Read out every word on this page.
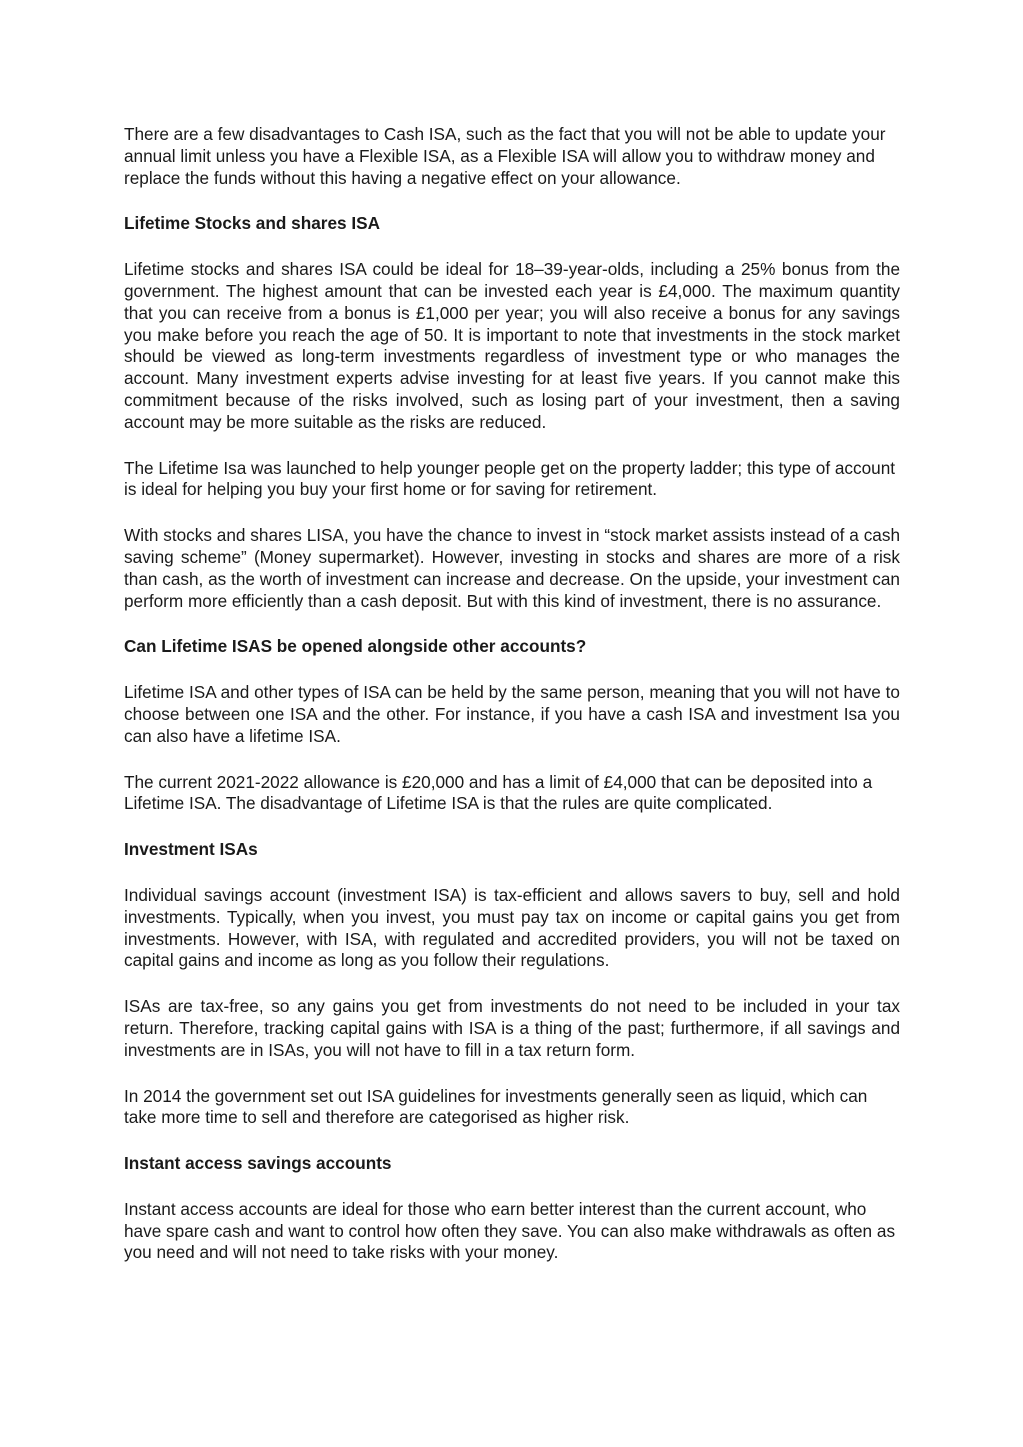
There are a few disadvantages to Cash ISA, such as the fact that you will not be able to update your annual limit unless you have a Flexible ISA, as a Flexible ISA will allow you to withdraw money and replace the funds without this having a negative effect on your allowance.

Lifetime Stocks and shares ISA

Lifetime stocks and shares ISA could be ideal for 18–39-year-olds, including a 25% bonus from the government. The highest amount that can be invested each year is £4,000. The maximum quantity that you can receive from a bonus is £1,000 per year; you will also receive a bonus for any savings you make before you reach the age of 50. It is important to note that investments in the stock market should be viewed as long-term investments regardless of investment type or who manages the account. Many investment experts advise investing for at least five years. If you cannot make this commitment because of the risks involved, such as losing part of your investment, then a saving account may be more suitable as the risks are reduced.

The Lifetime Isa was launched to help younger people get on the property ladder; this type of account is ideal for helping you buy your first home or for saving for retirement.

With stocks and shares LISA, you have the chance to invest in “stock market assists instead of a cash saving scheme” (Money supermarket). However, investing in stocks and shares are more of a risk than cash, as the worth of investment can increase and decrease. On the upside, your investment can perform more efficiently than a cash deposit. But with this kind of investment, there is no assurance.

Can Lifetime ISAS be opened alongside other accounts?

Lifetime ISA and other types of ISA can be held by the same person, meaning that you will not have to choose between one ISA and the other. For instance, if you have a cash ISA and investment Isa you can also have a lifetime ISA.

The current 2021-2022 allowance is £20,000 and has a limit of £4,000 that can be deposited into a Lifetime ISA. The disadvantage of Lifetime ISA is that the rules are quite complicated.

Investment ISAs

Individual savings account (investment ISA) is tax-efficient and allows savers to buy, sell and hold investments. Typically, when you invest, you must pay tax on income or capital gains you get from investments. However, with ISA, with regulated and accredited providers, you will not be taxed on capital gains and income as long as you follow their regulations.

ISAs are tax-free, so any gains you get from investments do not need to be included in your tax return. Therefore, tracking capital gains with ISA is a thing of the past; furthermore, if all savings and investments are in ISAs, you will not have to fill in a tax return form.

In 2014 the government set out ISA guidelines for investments generally seen as liquid, which can take more time to sell and therefore are categorised as higher risk.

Instant access savings accounts

Instant access accounts are ideal for those who earn better interest than the current account, who have spare cash and want to control how often they save. You can also make withdrawals as often as you need and will not need to take risks with your money.
